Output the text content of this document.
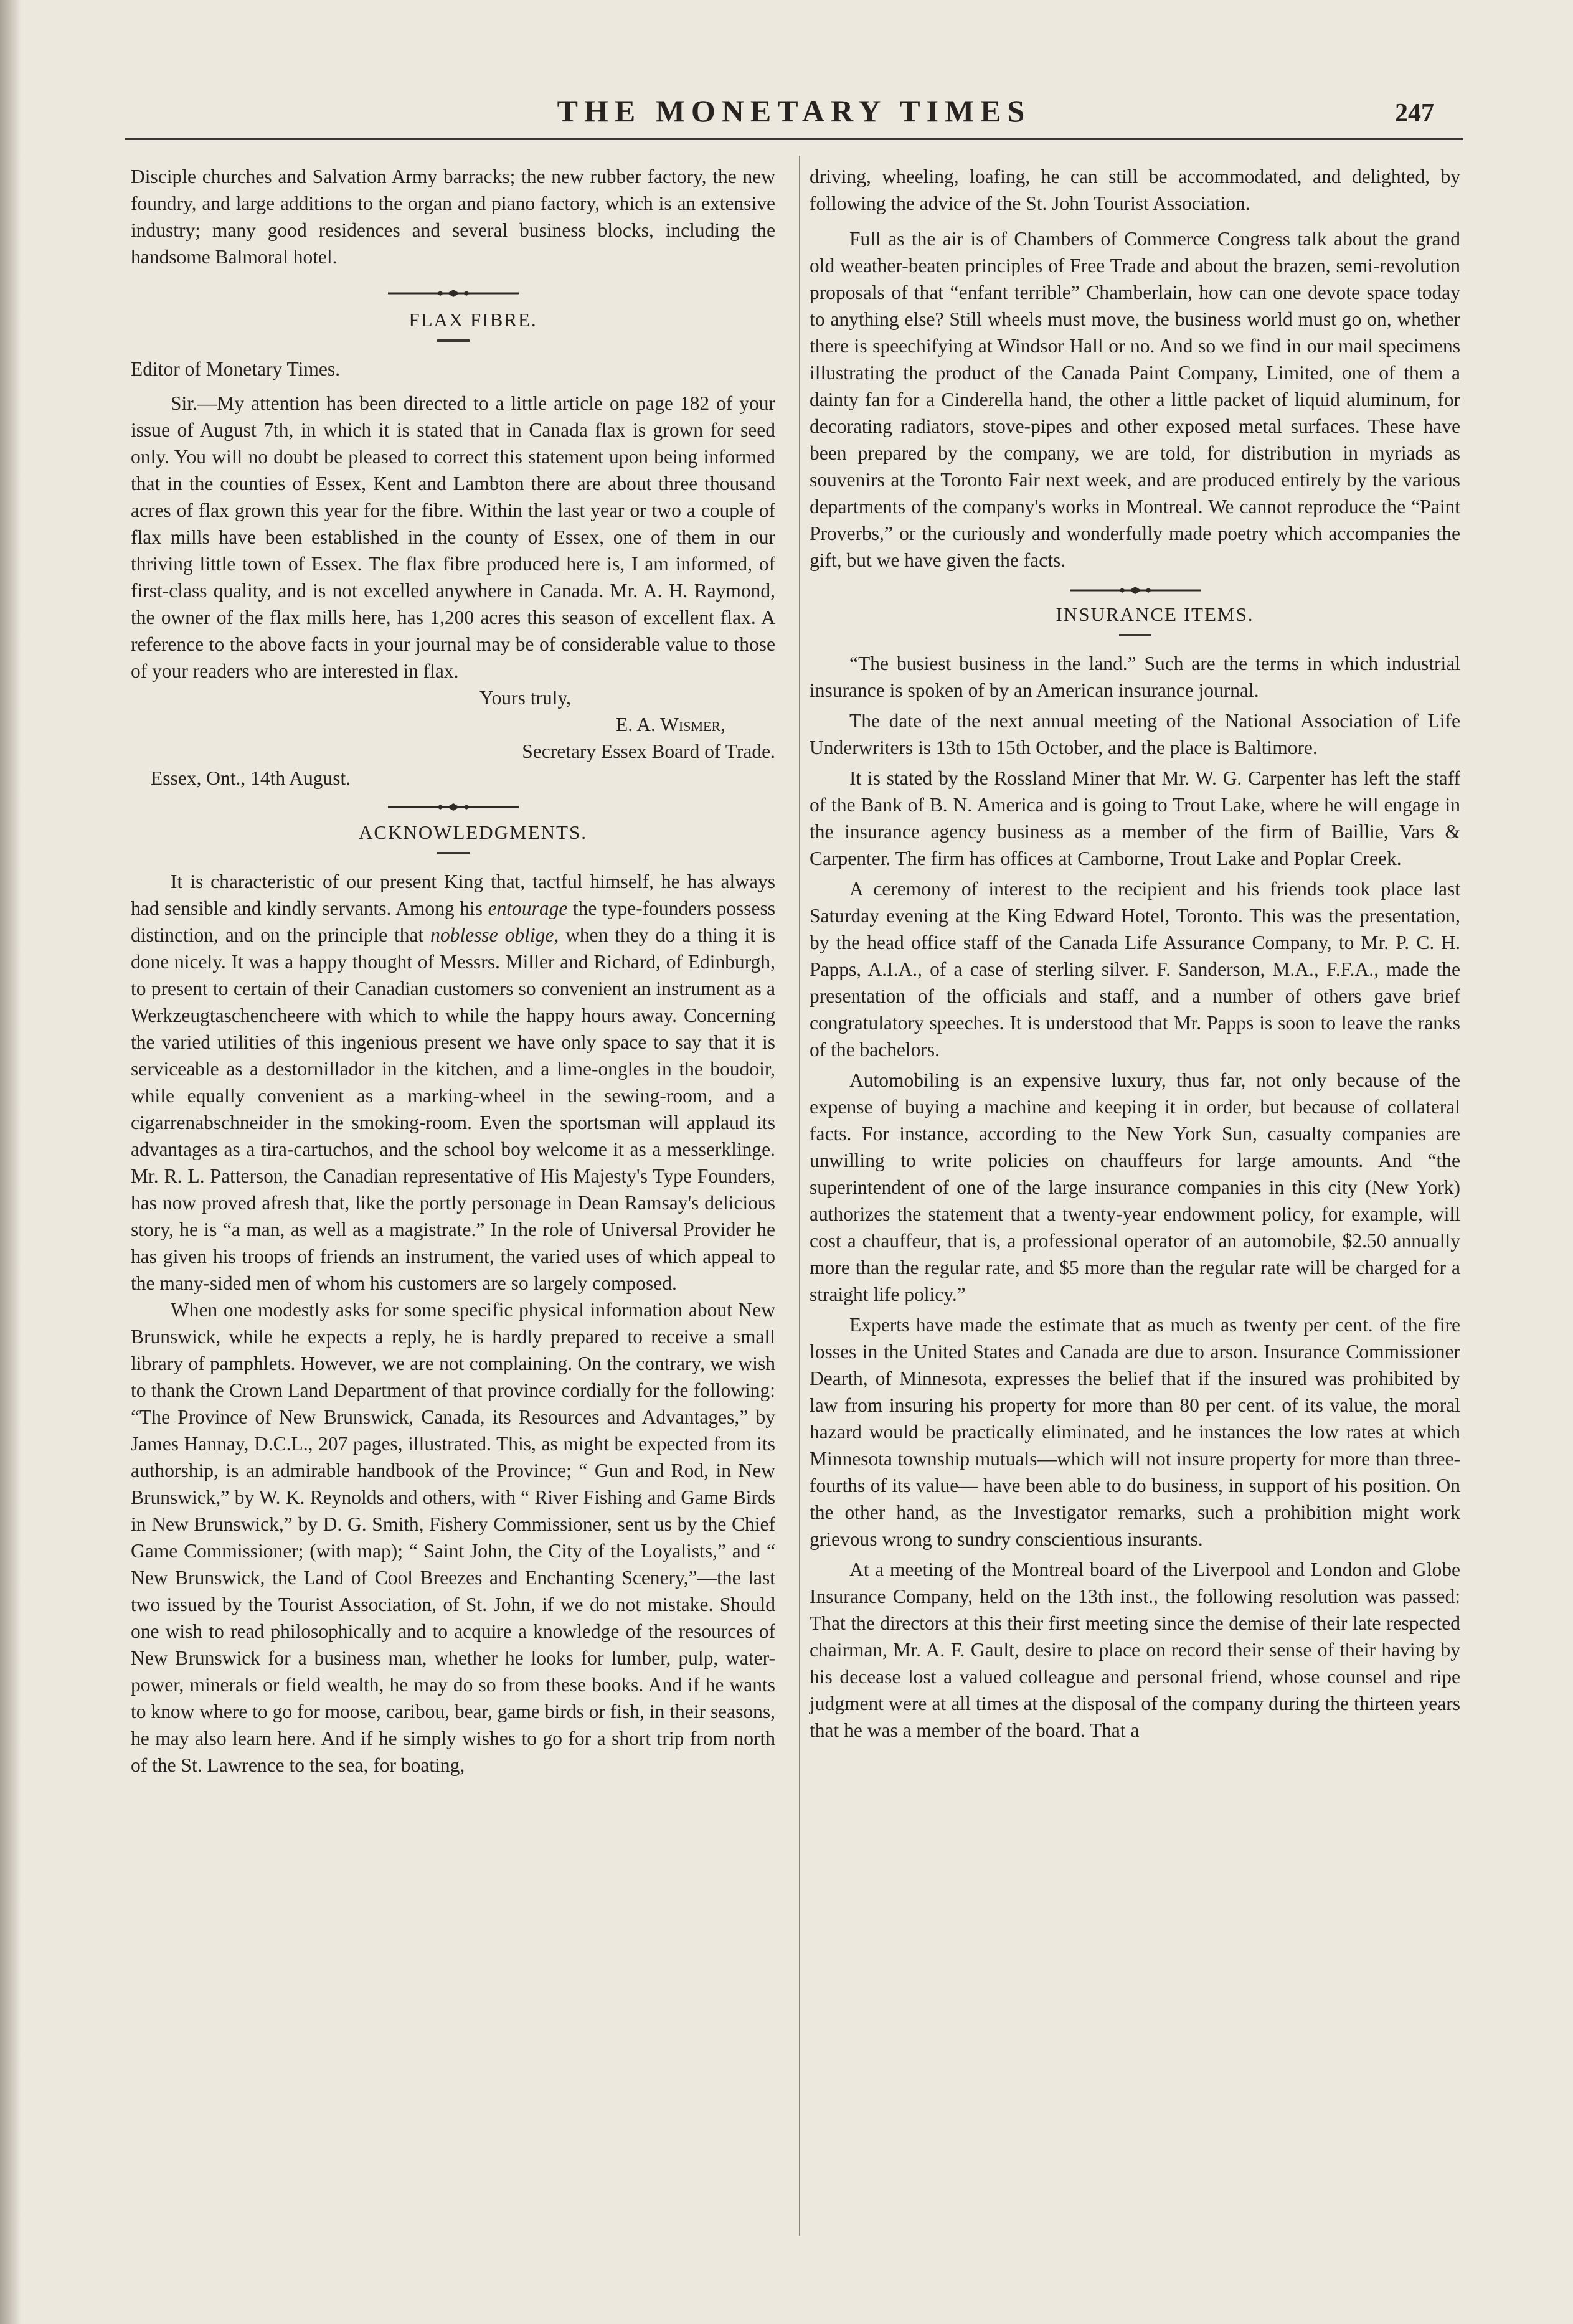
THE MONETARY TIMES	247

Disciple churches and Salvation Army barracks; the new rubber factory, the new foundry, and large additions to the organ and piano factory, which is an extensive industry; many good residences and several business blocks, including the handsome Balmoral hotel.

FLAX FIBRE.

Editor of Monetary Times.

Sir.—My attention has been directed to a little article on page 182 of your issue of August 7th, in which it is stated that in Canada flax is grown for seed only. You will no doubt be pleased to correct this statement upon being informed that in the counties of Essex, Kent and Lambton there are about three thousand acres of flax grown this year for the fibre. Within the last year or two a couple of flax mills have been established in the county of Essex, one of them in our thriving little town of Essex. The flax fibre produced here is, I am informed, of first-class quality, and is not excelled anywhere in Canada. Mr. A. H. Raymond, the owner of the flax mills here, has 1,200 acres this season of excellent flax. A reference to the above facts in your journal may be of considerable value to those of your readers who are interested in flax.

Yours truly,

E. A. Wismer,
Secretary Essex Board of Trade.

Essex, Ont., 14th August.

ACKNOWLEDGMENTS.

It is characteristic of our present King that, tactful himself, he has always had sensible and kindly servants. Among his entourage the type-founders possess distinction, and on the principle that noblesse oblige, when they do a thing it is done nicely. It was a happy thought of Messrs. Miller and Richard, of Edinburgh, to present to certain of their Canadian customers so convenient an instrument as a Werkzeugtaschencheere with which to while the happy hours away. Concerning the varied utilities of this ingenious present we have only space to say that it is serviceable as a destornillador in the kitchen, and a lime-ongles in the boudoir, while equally convenient as a marking-wheel in the sewing-room, and a cigarrenabschneider in the smoking-room. Even the sportsman will applaud its advantages as a tira-cartuchos, and the school boy welcome it as a messerklinge. Mr. R. L. Patterson, the Canadian representative of His Majesty's Type Founders, has now proved afresh that, like the portly personage in Dean Ramsay's delicious story, he is “a man, as well as a magistrate.” In the role of Universal Provider he has given his troops of friends an instrument, the varied uses of which appeal to the many-sided men of whom his customers are so largely composed.

When one modestly asks for some specific physical information about New Brunswick, while he expects a reply, he is hardly prepared to receive a small library of pamphlets. However, we are not complaining. On the contrary, we wish to thank the Crown Land Department of that province cordially for the following: “The Province of New Brunswick, Canada, its Resources and Advantages,” by James Hannay, D.C.L., 207 pages, illustrated. This, as might be expected from its authorship, is an admirable handbook of the Province; “ Gun and Rod, in New Brunswick,” by W. K. Reynolds and others, with “ River Fishing and Game Birds in New Brunswick,” by D. G. Smith, Fishery Commissioner, sent us by the Chief Game Commissioner; (with map); “ Saint John, the City of the Loyalists,” and “ New Brunswick, the Land of Cool Breezes and Enchanting Scenery,”—the last two issued by the Tourist Association, of St. John, if we do not mistake. Should one wish to read philosophically and to acquire a knowledge of the resources of New Brunswick for a business man, whether he looks for lumber, pulp, water-power, minerals or field wealth, he may do so from these books. And if he wants to know where to go for moose, caribou, bear, game birds or fish, in their seasons, he may also learn here. And if he simply wishes to go for a short trip from north of the St. Lawrence to the sea, for boating,

driving, wheeling, loafing, he can still be accommodated, and delighted, by following the advice of the St. John Tourist Association.

Full as the air is of Chambers of Commerce Congress talk about the grand old weather-beaten principles of Free Trade and about the brazen, semi-revolution proposals of that “enfant terrible” Chamberlain, how can one devote space today to anything else? Still wheels must move, the business world must go on, whether there is speechifying at Windsor Hall or no. And so we find in our mail specimens illustrating the product of the Canada Paint Company, Limited, one of them a dainty fan for a Cinderella hand, the other a little packet of liquid aluminum, for decorating radiators, stove-pipes and other exposed metal surfaces. These have been prepared by the company, we are told, for distribution in myriads as souvenirs at the Toronto Fair next week, and are produced entirely by the various departments of the company's works in Montreal. We cannot reproduce the “Paint Proverbs,” or the curiously and wonderfully made poetry which accompanies the gift, but we have given the facts.

INSURANCE ITEMS.

“The busiest business in the land.” Such are the terms in which industrial insurance is spoken of by an American insurance journal.

The date of the next annual meeting of the National Association of Life Underwriters is 13th to 15th October, and the place is Baltimore.

It is stated by the Rossland Miner that Mr. W. G. Carpenter has left the staff of the Bank of B. N. America and is going to Trout Lake, where he will engage in the insurance agency business as a member of the firm of Baillie, Vars & Carpenter. The firm has offices at Camborne, Trout Lake and Poplar Creek.

A ceremony of interest to the recipient and his friends took place last Saturday evening at the King Edward Hotel, Toronto. This was the presentation, by the head office staff of the Canada Life Assurance Company, to Mr. P. C. H. Papps, A.I.A., of a case of sterling silver. F. Sanderson, M.A., F.F.A., made the presentation of the officials and staff, and a number of others gave brief congratulatory speeches. It is understood that Mr. Papps is soon to leave the ranks of the bachelors.

Automobiling is an expensive luxury, thus far, not only because of the expense of buying a machine and keeping it in order, but because of collateral facts. For instance, according to the New York Sun, casualty companies are unwilling to write policies on chauffeurs for large amounts. And “the superintendent of one of the large insurance companies in this city (New York) authorizes the statement that a twenty-year endowment policy, for example, will cost a chauffeur, that is, a professional operator of an automobile, $2.50 annually more than the regular rate, and $5 more than the regular rate will be charged for a straight life policy.”

Experts have made the estimate that as much as twenty per cent. of the fire losses in the United States and Canada are due to arson. Insurance Commissioner Dearth, of Minnesota, expresses the belief that if the insured was prohibited by law from insuring his property for more than 80 per cent. of its value, the moral hazard would be practically eliminated, and he instances the low rates at which Minnesota township mutuals—which will not insure property for more than three-fourths of its value— have been able to do business, in support of his position. On the other hand, as the Investigator remarks, such a prohibition might work grievous wrong to sundry conscientious insurants.

At a meeting of the Montreal board of the Liverpool and London and Globe Insurance Company, held on the 13th inst., the following resolution was passed: That the directors at this their first meeting since the demise of their late respected chairman, Mr. A. F. Gault, desire to place on record their sense of their having by his decease lost a valued colleague and personal friend, whose counsel and ripe judgment were at all times at the disposal of the company during the thirteen years that he was a member of the board. That a
